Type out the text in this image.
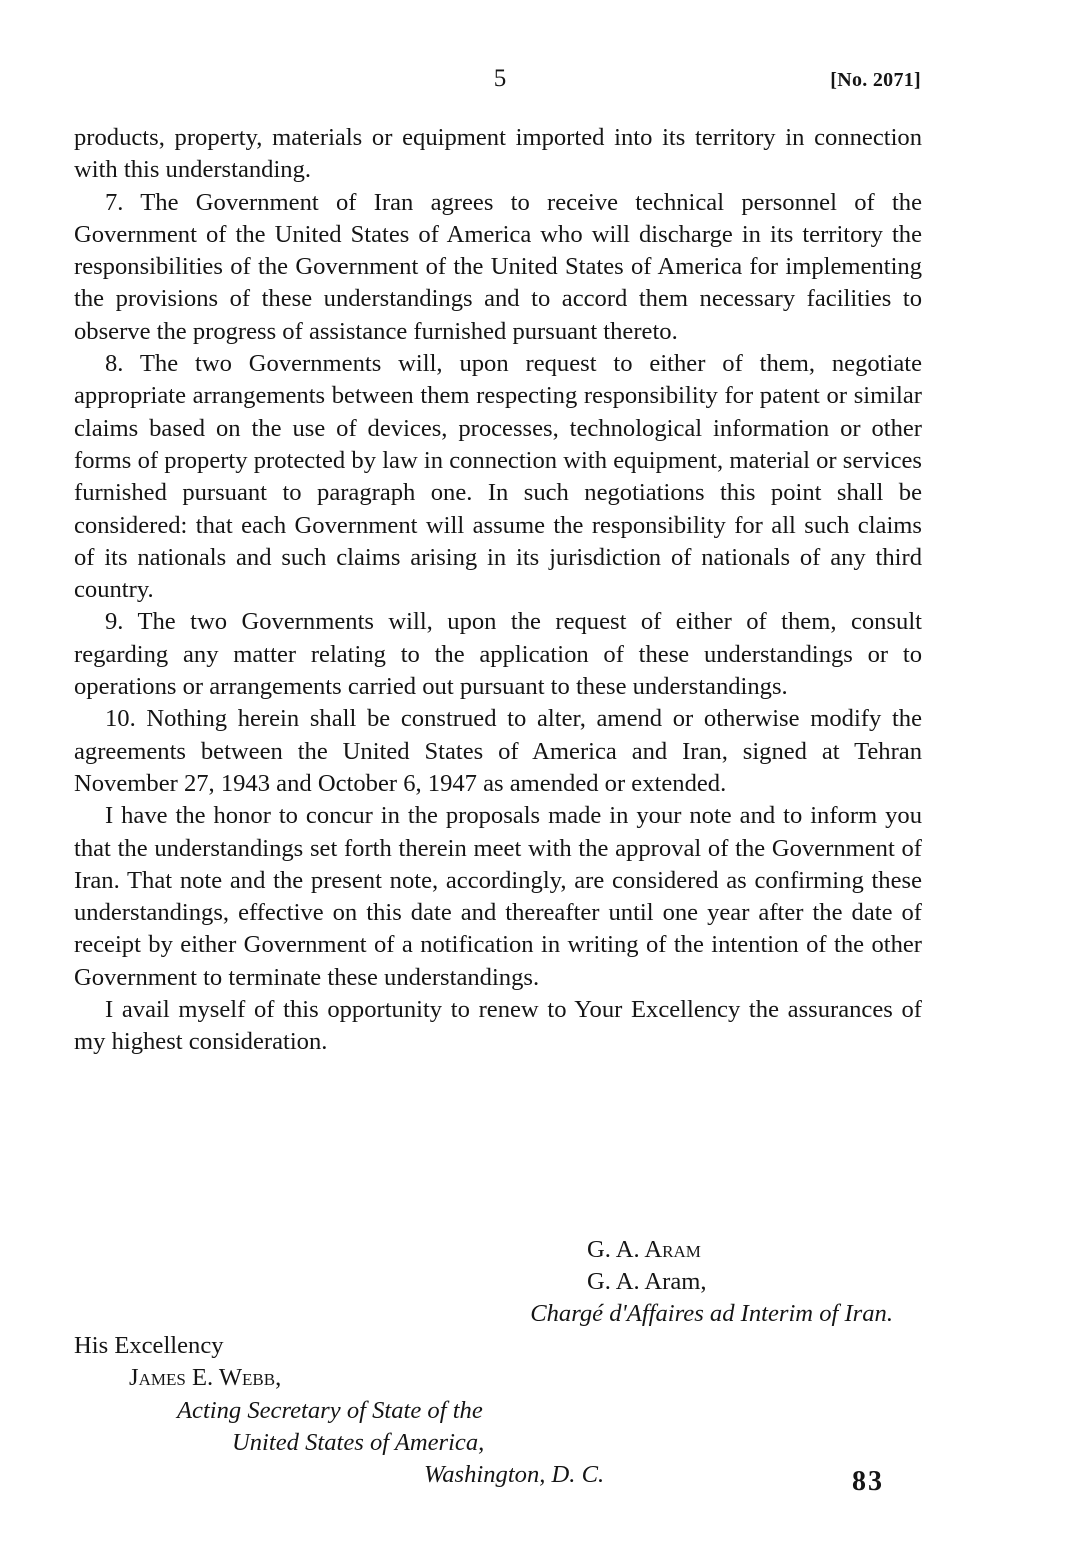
5	[No. 2071]

products, property, materials or equipment imported into its territory in connection with this understanding.

7. The Government of Iran agrees to receive technical personnel of the Government of the United States of America who will discharge in its territory the responsibilities of the Government of the United States of America for implementing the provisions of these understandings and to accord them necessary facilities to observe the progress of assistance furnished pursuant thereto.

8. The two Governments will, upon request to either of them, negotiate appropriate arrangements between them respecting responsibility for patent or similar claims based on the use of devices, processes, technological information or other forms of property protected by law in connection with equipment, material or services furnished pursuant to paragraph one. In such negotiations this point shall be considered: that each Government will assume the responsibility for all such claims of its nationals and such claims arising in its jurisdiction of nationals of any third country.

9. The two Governments will, upon the request of either of them, consult regarding any matter relating to the application of these understandings or to operations or arrangements carried out pursuant to these understandings.

10. Nothing herein shall be construed to alter, amend or otherwise modify the agreements between the United States of America and Iran, signed at Tehran November 27, 1943 and October 6, 1947 as amended or extended.

I have the honor to concur in the proposals made in your note and to inform you that the understandings set forth therein meet with the approval of the Government of Iran. That note and the present note, accordingly, are considered as confirming these understandings, effective on this date and thereafter until one year after the date of receipt by either Government of a notification in writing of the intention of the other Government to terminate these understandings.

I avail myself of this opportunity to renew to Your Excellency the assurances of my highest consideration.

G. A. Aram
G. A. Aram,
Chargé d'Affaires ad Interim of Iran.
His Excellency
James E. Webb,
Acting Secretary of State of the
United States of America,
Washington, D. C.	83
